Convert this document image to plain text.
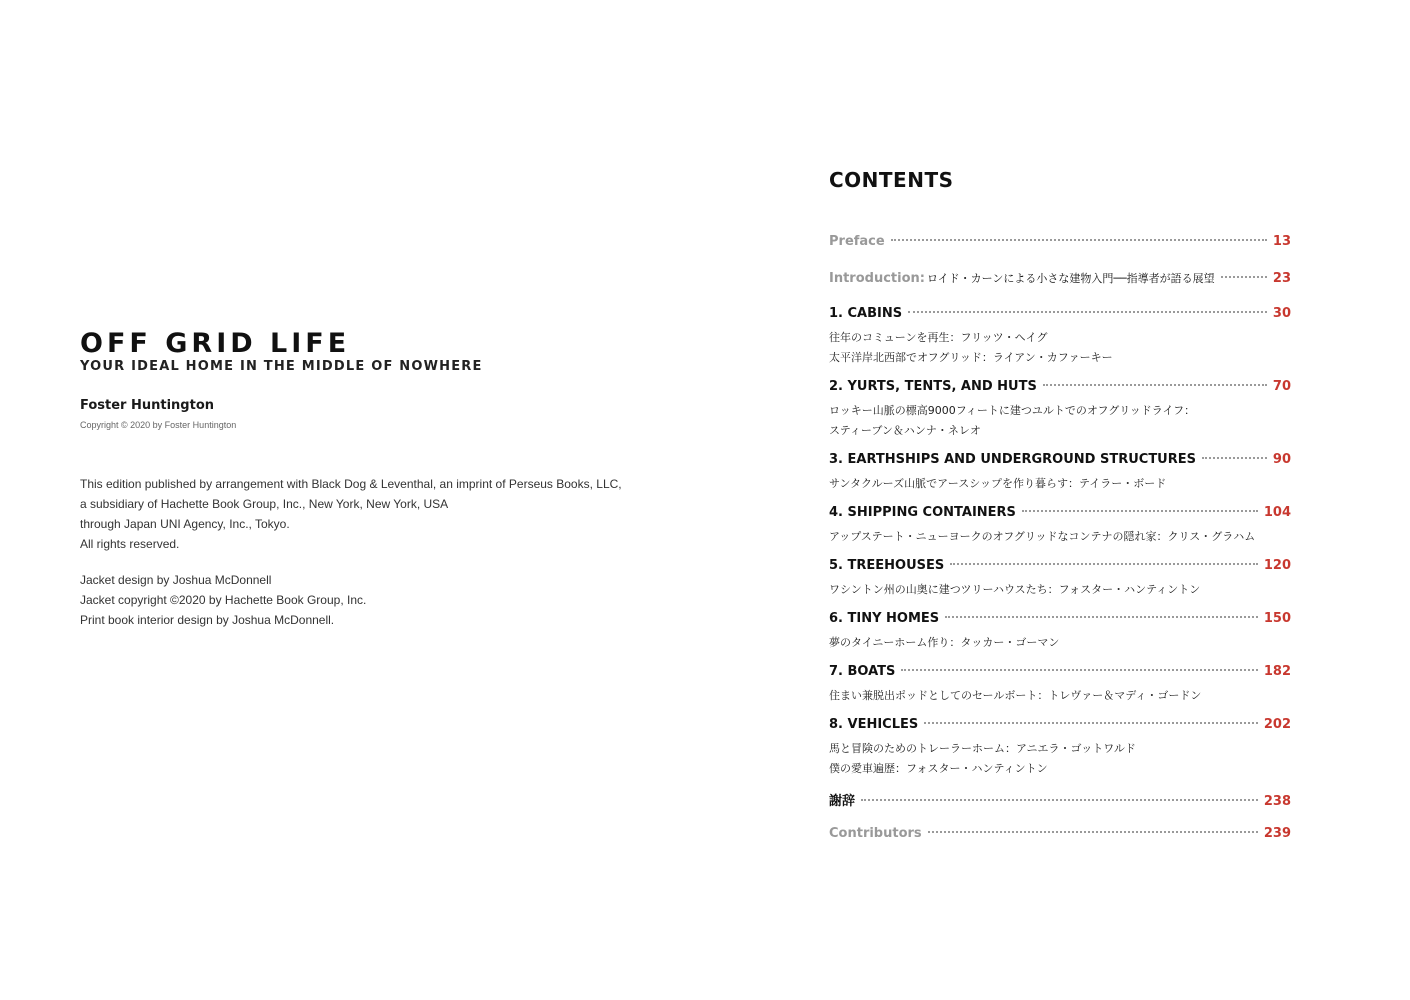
OFF GRID LIFE
YOUR IDEAL HOME IN THE MIDDLE OF NOWHERE
Foster Huntington
Copyright © 2020 by Foster Huntington
This edition published by arrangement with Black Dog & Leventhal, an imprint of Perseus Books, LLC,
a subsidiary of Hachette Book Group, Inc., New York, New York, USA
through Japan UNI Agency, Inc., Tokyo.
All rights reserved.
Jacket design by Joshua McDonnell
Jacket copyright ©2020 by Hachette Book Group, Inc.
Print book interior design by Joshua McDonnell.
CONTENTS
Preface	13
Introduction: ロイド・カーンによる小さな建物入門──指導者が語る展望	23
1. CABINS	30
往年のコミューンを再生：フリッツ・ヘイグ
太平洋岸北西部でオフグリッド：ライアン・カファーキー
2. YURTS, TENTS, AND HUTS	70
ロッキー山脈の標高9000フィートに建つユルトでのオフグリッドライフ：
スティーブン＆ハンナ・ネレオ
3. EARTHSHIPS AND UNDERGROUND STRUCTURES	90
サンタクルーズ山脈でアースシップを作り暮らす：テイラー・ボード
4. SHIPPING CONTAINERS	104
アップステート・ニューヨークのオフグリッドなコンテナの隠れ家：クリス・グラハム
5. TREEHOUSES	120
ワシントン州の山奥に建つツリーハウスたち：フォスター・ハンティントン
6. TINY HOMES	150
夢のタイニーホーム作り：タッカー・ゴーマン
7. BOATS	182
住まい兼脱出ポッドとしてのセールボート：トレヴァー＆マディ・ゴードン
8. VEHICLES	202
馬と冒険のためのトレーラーホーム：アニエラ・ゴットワルド
僕の愛車遍歴：フォスター・ハンティントン
謝辞	238
Contributors	239
